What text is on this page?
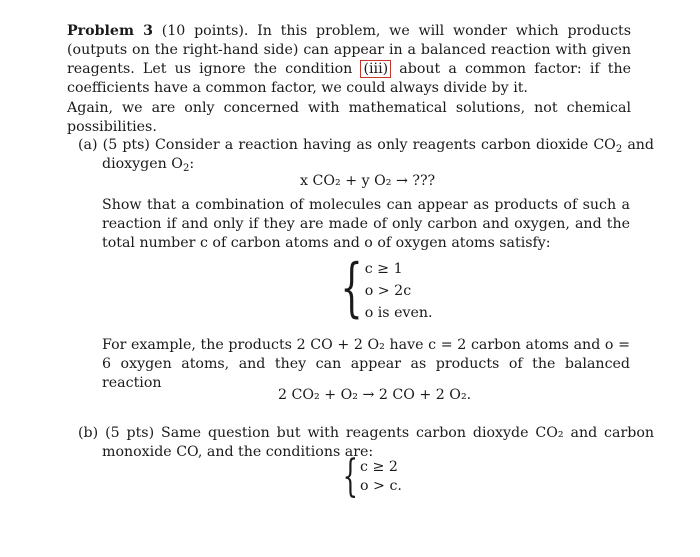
Problem 3 (10 points). In this problem, we will wonder which products (outputs on the right-hand side) can appear in a balanced reaction with given reagents. Let us ignore the condition (iii) about a common factor: if the coefficients have a common factor, we could always divide by it.
Again, we are only concerned with mathematical solutions, not chemical possibilities.
(a) (5 pts) Consider a reaction having as only reagents carbon dioxide $CO_2$ and dioxygen $O_2$:
x CO₂ + y O₂ → ???
Show that a combination of molecules can appear as products of such a reaction if and only if they are made of only carbon and oxygen, and the total number c of carbon atoms and o of oxygen atoms satisfy:
{ c ≥ 1
o > 2c
o is even.
For example, the products 2 CO + 2 O₂ have c = 2 carbon atoms and o = 6 oxygen atoms, and they can appear as products of the balanced reaction
2 CO₂ + O₂ → 2 CO + 2 O₂.
(b) (5 pts) Same question but with reagents carbon dioxyde CO₂ and carbon monoxide CO, and the conditions are:
{ c ≥ 2
o > c.
